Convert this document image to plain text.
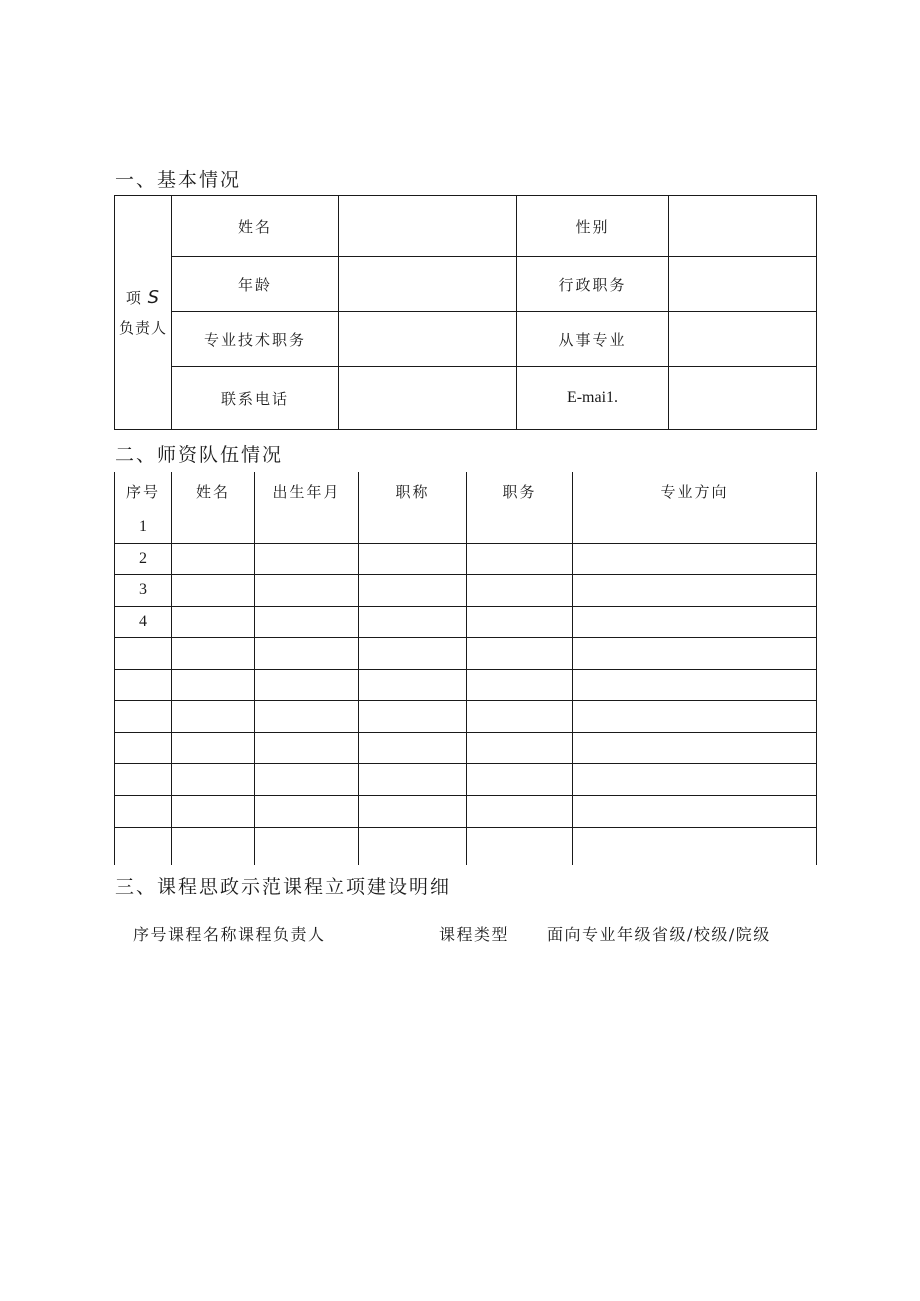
一、基本情况
项 S
负责人	姓名		性别	
	年龄		行政职务	
	专业技术职务		从事专业	
	联系电话		E-mai1.	
二、师资队伍情况
序号	姓名	出生年月	职称	职务	专业方向
1					
2					
3					
4					

三、课程思政示范课程立项建设明细
序号课程名称课程负责人	课程类型 面向专业年级省级/校级/院级
